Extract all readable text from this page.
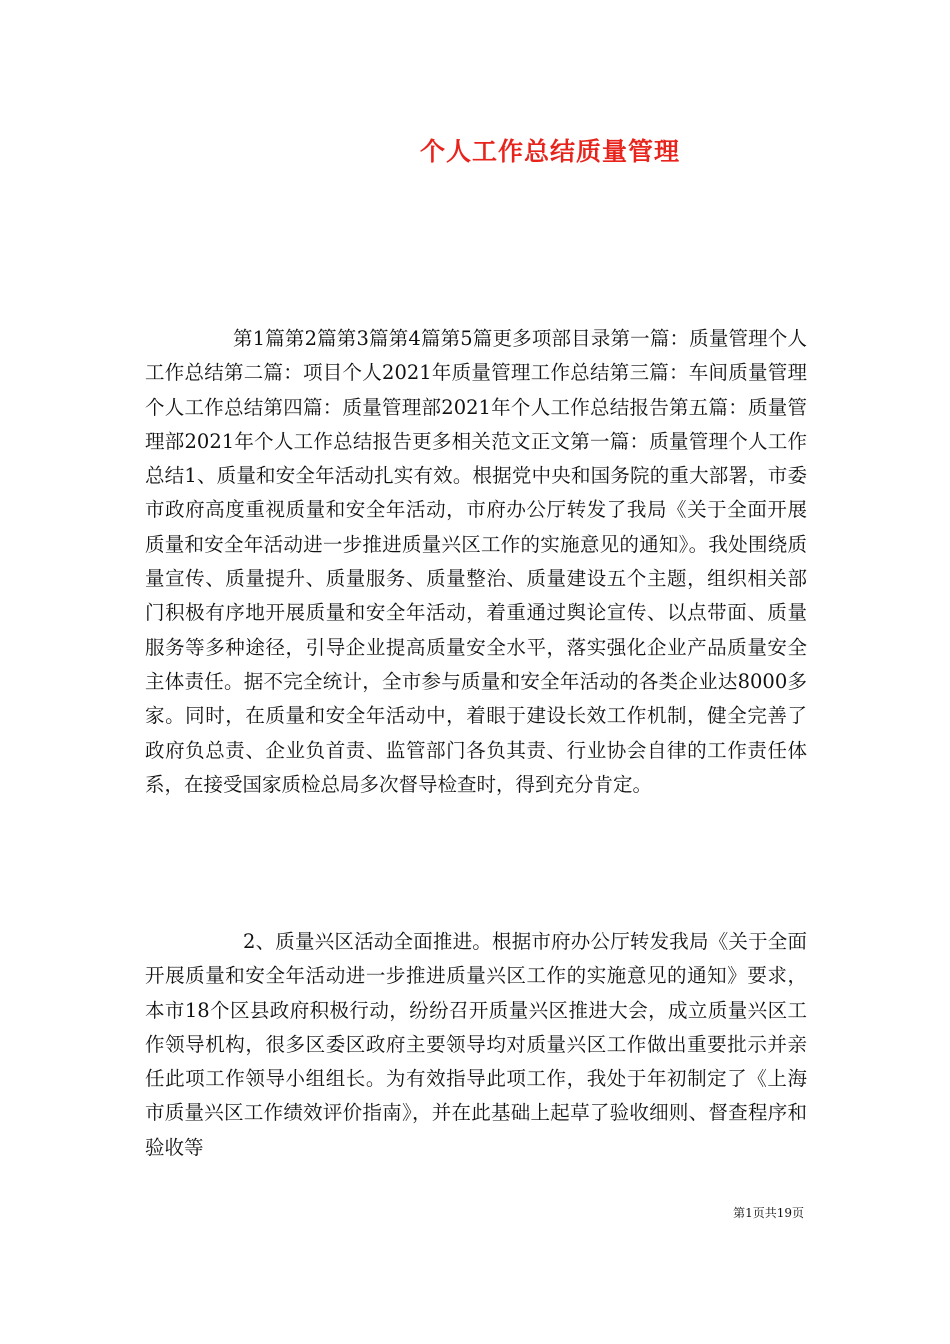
个人工作总结质量管理

第1篇第2篇第3篇第4篇第5篇更多项部目录第一篇：质量管理个人工作总结第二篇：项目个人2021年质量管理工作总结第三篇：车间质量管理个人工作总结第四篇：质量管理部2021年个人工作总结报告第五篇：质量管理部2021年个人工作总结报告更多相关范文正文第一篇：质量管理个人工作总结1、质量和安全年活动扎实有效。根据党中央和国务院的重大部署，市委市政府高度重视质量和安全年活动，市府办公厅转发了我局《关于全面开展质量和安全年活动进一步推进质量兴区工作的实施意见的通知》。我处围绕质量宣传、质量提升、质量服务、质量整治、质量建设五个主题，组织相关部门积极有序地开展质量和安全年活动，着重通过舆论宣传、以点带面、质量服务等多种途径，引导企业提高质量安全水平，落实强化企业产品质量安全主体责任。据不完全统计，全市参与质量和安全年活动的各类企业达8000多家。同时，在质量和安全年活动中，着眼于建设长效工作机制，健全完善了政府负总责、企业负首责、监管部门各负其责、行业协会自律的工作责任体系，在接受国家质检总局多次督导检查时，得到充分肯定。

2、质量兴区活动全面推进。根据市府办公厅转发我局《关于全面开展质量和安全年活动进一步推进质量兴区工作的实施意见的通知》要求，本市18个区县政府积极行动，纷纷召开质量兴区推进大会，成立质量兴区工作领导机构，很多区委区政府主要领导均对质量兴区工作做出重要批示并亲任此项工作领导小组组长。为有效指导此项工作，我处于年初制定了《上海市质量兴区工作绩效评价指南》，并在此基础上起草了验收细则、督查程序和验收等

第1页共19页
